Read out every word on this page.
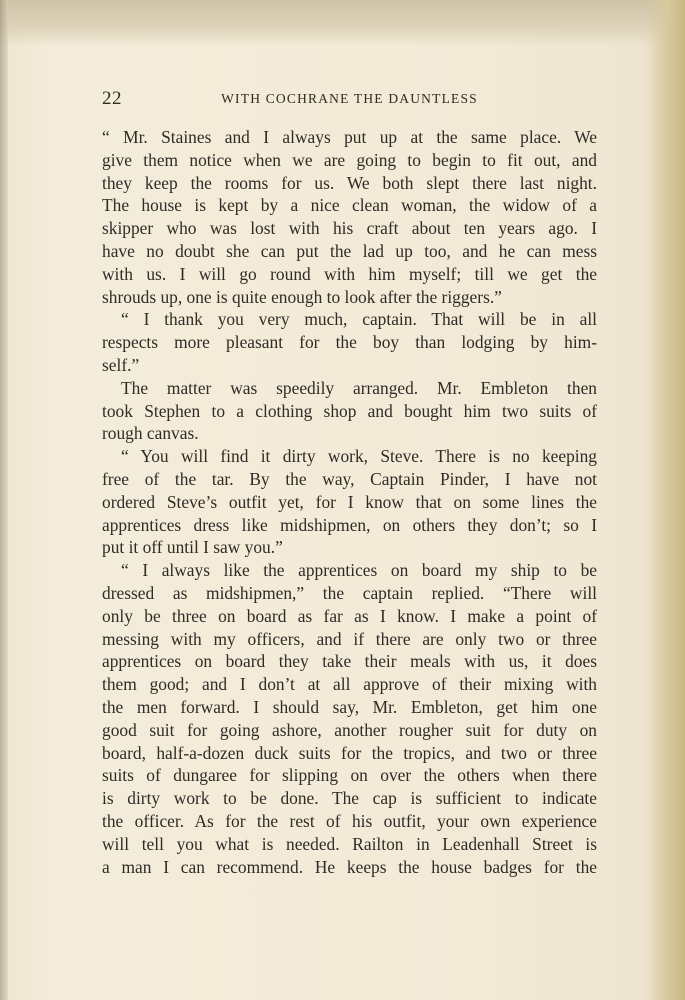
22	WITH COCHRANE THE DAUNTLESS
“ Mr. Staines and I always put up at the same place. We
give them notice when we are going to begin to fit out, and
they keep the rooms for us. We both slept there last night.
The house is kept by a nice clean woman, the widow of a
skipper who was lost with his craft about ten years ago. I
have no doubt she can put the lad up too, and he can mess
with us. I will go round with him myself; till we get the
shrouds up, one is quite enough to look after the riggers.”
“ I thank you very much, captain. That will be in all
respects more pleasant for the boy than lodging by him-
self.”
The matter was speedily arranged. Mr. Embleton then
took Stephen to a clothing shop and bought him two suits of
rough canvas.
“ You will find it dirty work, Steve. There is no keeping
free of the tar. By the way, Captain Pinder, I have not
ordered Steve’s outfit yet, for I know that on some lines the
apprentices dress like midshipmen, on others they don’t; so I
put it off until I saw you.”
“ I always like the apprentices on board my ship to be
dressed as midshipmen,” the captain replied. “There will
only be three on board as far as I know. I make a point of
messing with my officers, and if there are only two or three
apprentices on board they take their meals with us, it does
them good; and I don’t at all approve of their mixing with
the men forward. I should say, Mr. Embleton, get him one
good suit for going ashore, another rougher suit for duty on
board, half-a-dozen duck suits for the tropics, and two or three
suits of dungaree for slipping on over the others when there
is dirty work to be done. The cap is sufficient to indicate
the officer. As for the rest of his outfit, your own experience
will tell you what is needed. Railton in Leadenhall Street is
a man I can recommend. He keeps the house badges for the
